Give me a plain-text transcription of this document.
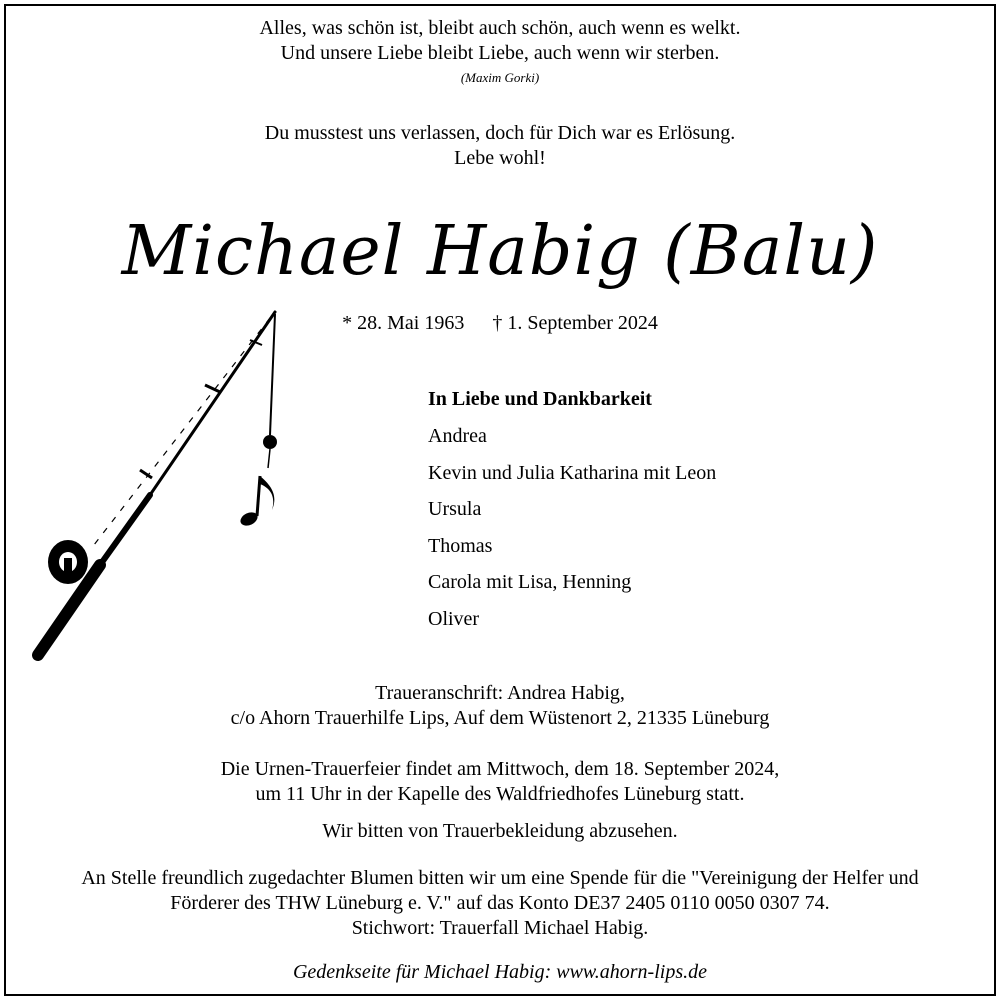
Alles, was schön ist, bleibt auch schön, auch wenn es welkt.
Und unsere Liebe bleibt Liebe, auch wenn wir sterben.
(Maxim Gorki)
Du musstest uns verlassen, doch für Dich war es Erlösung.
Lebe wohl!
Michael Habig (Balu)
* 28. Mai 1963 † 1. September 2024
In Liebe und Dankbarkeit
Andrea
Kevin und Julia Katharina mit Leon
Ursula
Thomas
Carola mit Lisa, Henning
Oliver
Traueranschrift: Andrea Habig,
c/o Ahorn Trauerhilfe Lips, Auf dem Wüstenort 2, 21335 Lüneburg
Die Urnen-Trauerfeier findet am Mittwoch, dem 18. September 2024,
um 11 Uhr in der Kapelle des Waldfriedhofes Lüneburg statt.
Wir bitten von Trauerbekleidung abzusehen.
An Stelle freundlich zugedachter Blumen bitten wir um eine Spende für die "Vereinigung der Helfer und
Förderer des THW Lüneburg e. V." auf das Konto DE37 2405 0110 0050 0307 74.
Stichwort: Trauerfall Michael Habig.
Gedenkseite für Michael Habig: www.ahorn-lips.de
